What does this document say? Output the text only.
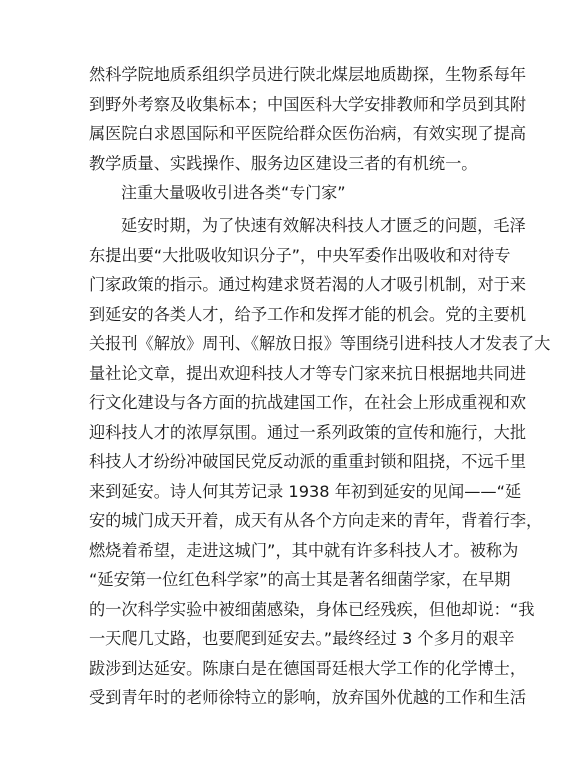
然科学院地质系组织学员进行陕北煤层地质勘探，生物系每年
到野外考察及收集标本；中国医科大学安排教师和学员到其附
属医院白求恩国际和平医院给群众医伤治病，有效实现了提高
教学质量、实践操作、服务边区建设三者的有机统一。
注重大量吸收引进各类“专门家”
延安时期，为了快速有效解决科技人才匮乏的问题，毛泽
东提出要“大批吸收知识分子”，中央军委作出吸收和对待专
门家政策的指示。通过构建求贤若渴的人才吸引机制，对于来
到延安的各类人才，给予工作和发挥才能的机会。党的主要机
关报刊《解放》周刊、《解放日报》等围绕引进科技人才发表了大
量社论文章，提出欢迎科技人才等专门家来抗日根据地共同进
行文化建设与各方面的抗战建国工作，在社会上形成重视和欢
迎科技人才的浓厚氛围。通过一系列政策的宣传和施行，大批
科技人才纷纷冲破国民党反动派的重重封锁和阻挠，不远千里
来到延安。诗人何其芳记录 1938 年初到延安的见闻——“延
安的城门成天开着，成天有从各个方向走来的青年，背着行李，
燃烧着希望，走进这城门”，其中就有许多科技人才。被称为
“延安第一位红色科学家”的高士其是著名细菌学家，在早期
的一次科学实验中被细菌感染，身体已经残疾，但他却说：“我
一天爬几丈路，也要爬到延安去。”最终经过 3 个多月的艰辛
跋涉到达延安。陈康白是在德国哥廷根大学工作的化学博士，
受到青年时的老师徐特立的影响，放弃国外优越的工作和生活
